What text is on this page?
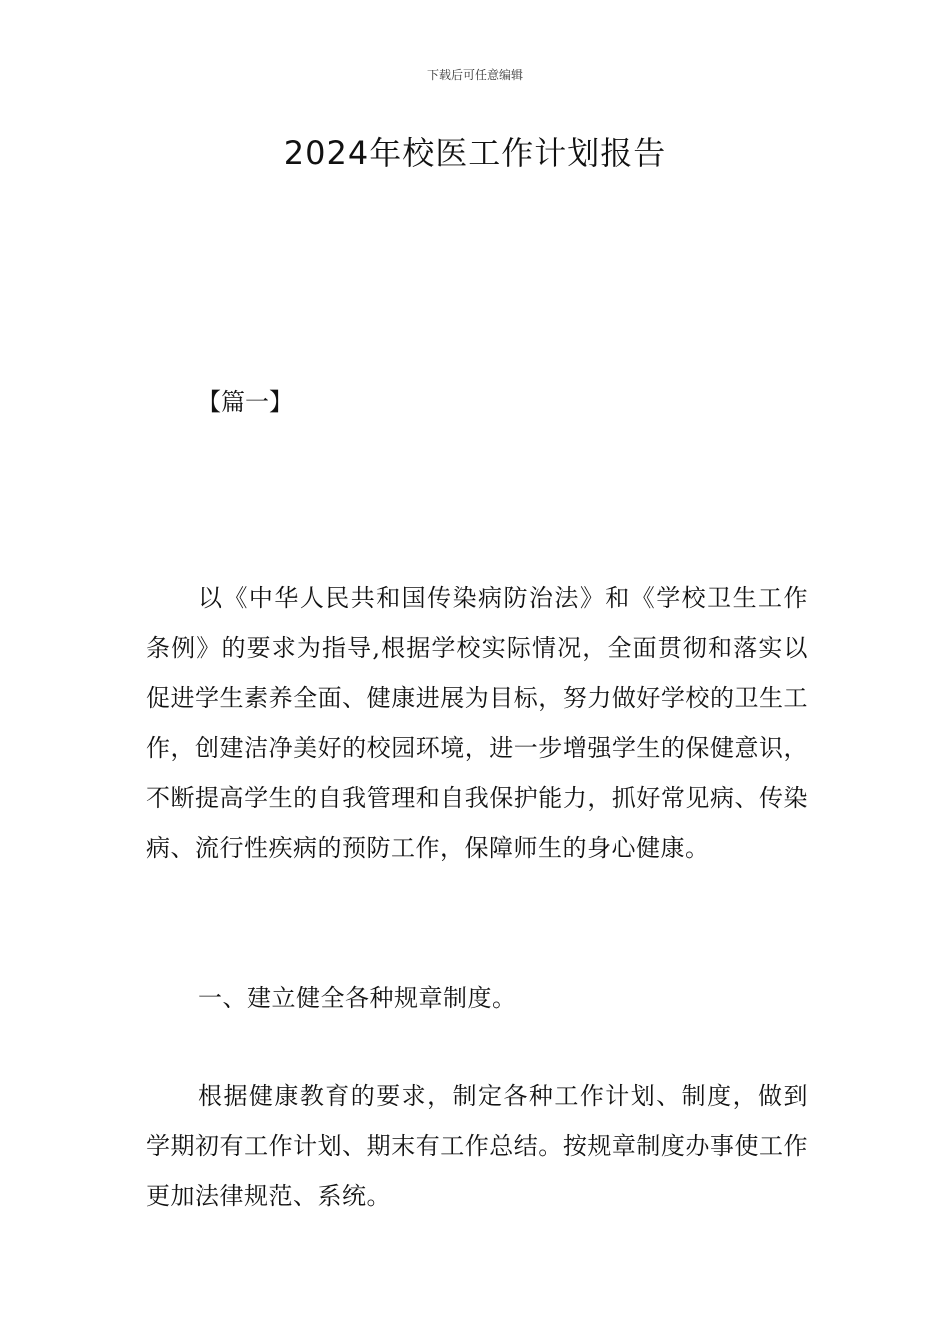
下载后可任意编辑
2024年校医工作计划报告

【篇一】

以《中华人民共和国传染病防治法》和《学校卫生工作条例》的要求为指导,根据学校实际情况，全面贯彻和落实以促进学生素养全面、健康进展为目标，努力做好学校的卫生工作，创建洁净美好的校园环境，进一步增强学生的保健意识，不断提高学生的自我管理和自我保护能力，抓好常见病、传染病、流行性疾病的预防工作，保障师生的身心健康。

一、建立健全各种规章制度。

根据健康教育的要求，制定各种工作计划、制度，做到学期初有工作计划、期末有工作总结。按规章制度办事使工作更加法律规范、系统。
